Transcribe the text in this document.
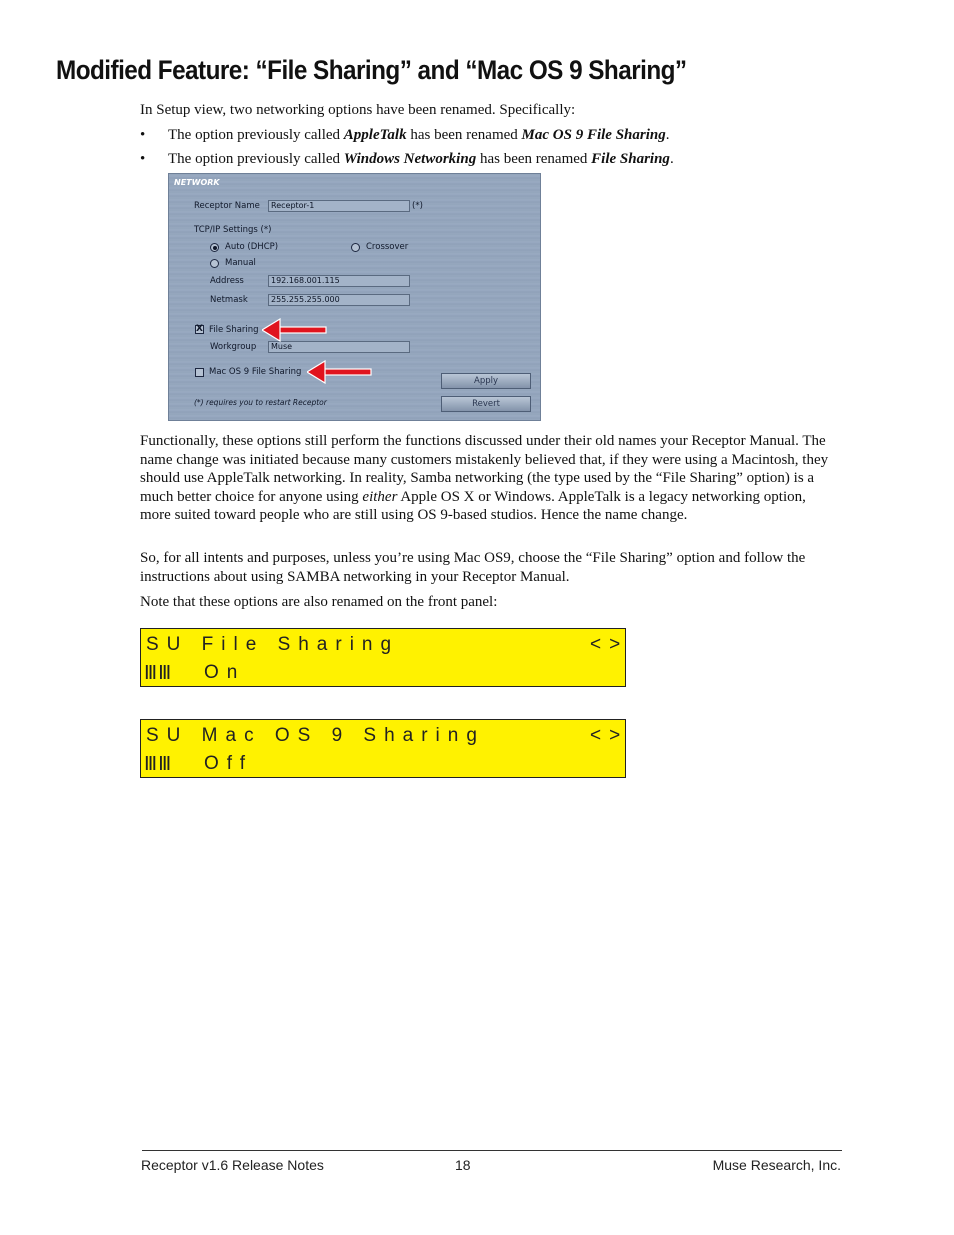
Modified Feature: “File Sharing” and “Mac OS 9 Sharing”

In Setup view, two networking options have been renamed. Specifically:

• The option previously called AppleTalk has been renamed Mac OS 9 File Sharing.
• The option previously called Windows Networking has been renamed File Sharing.
NETWORK
Receptor Name	Receptor-1	(*)
TCP/IP Settings (*)
Auto (DHCP)	Crossover
Manual
Address	192.168.001.115
Netmask	255.255.255.000
X File Sharing
Workgroup	Muse
Mac OS 9 File Sharing
Apply
Revert
(*) requires you to restart Receptor

Functionally, these options still perform the functions discussed under their old names your Receptor Manual. The name change was initiated because many customers mistakenly believed that, if they were using a Macintosh, they should use AppleTalk networking. In reality, Samba networking (the type used by the “File Sharing” option) is a much better choice for anyone using either Apple OS X or Windows. AppleTalk is a legacy networking option, more suited toward people who are still using OS 9-based studios. Hence the name change.

So, for all intents and purposes, unless you’re using Mac OS9, choose the “File Sharing” option and follow the instructions about using SAMBA networking in your Receptor Manual.

Note that these options are also renamed on the front panel:

SU File Sharing	<>
ⅢⅢ On
SU Mac OS 9 Sharing	<>
ⅢⅢ Off
Receptor v1.6 Release Notes	18	Muse Research, Inc.
